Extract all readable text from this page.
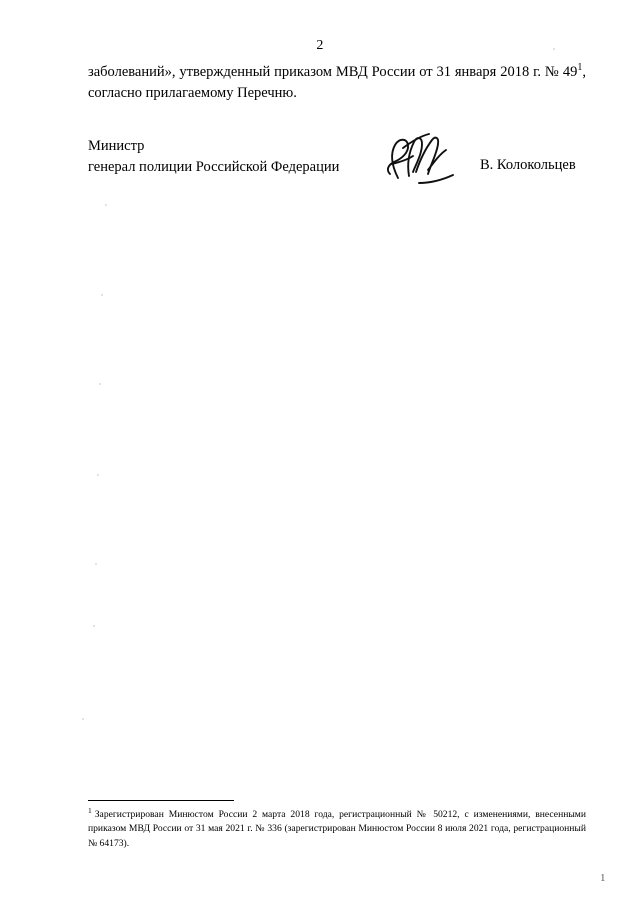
2

заболеваний», утвержденный приказом МВД России от 31 января 2018 г. № 49$^1$, согласно прилагаемому Перечню.

Министр
генерал полиции Российской Федерации	В. Колокольцев
$^1$ Зарегистрирован Минюстом России 2 марта 2018 года, регистрационный № 50212, с изменениями, внесенными приказом МВД России от 31 мая 2021 г. № 336 (зарегистрирован Минюстом России 8 июля 2021 года, регистрационный № 64173).
1
